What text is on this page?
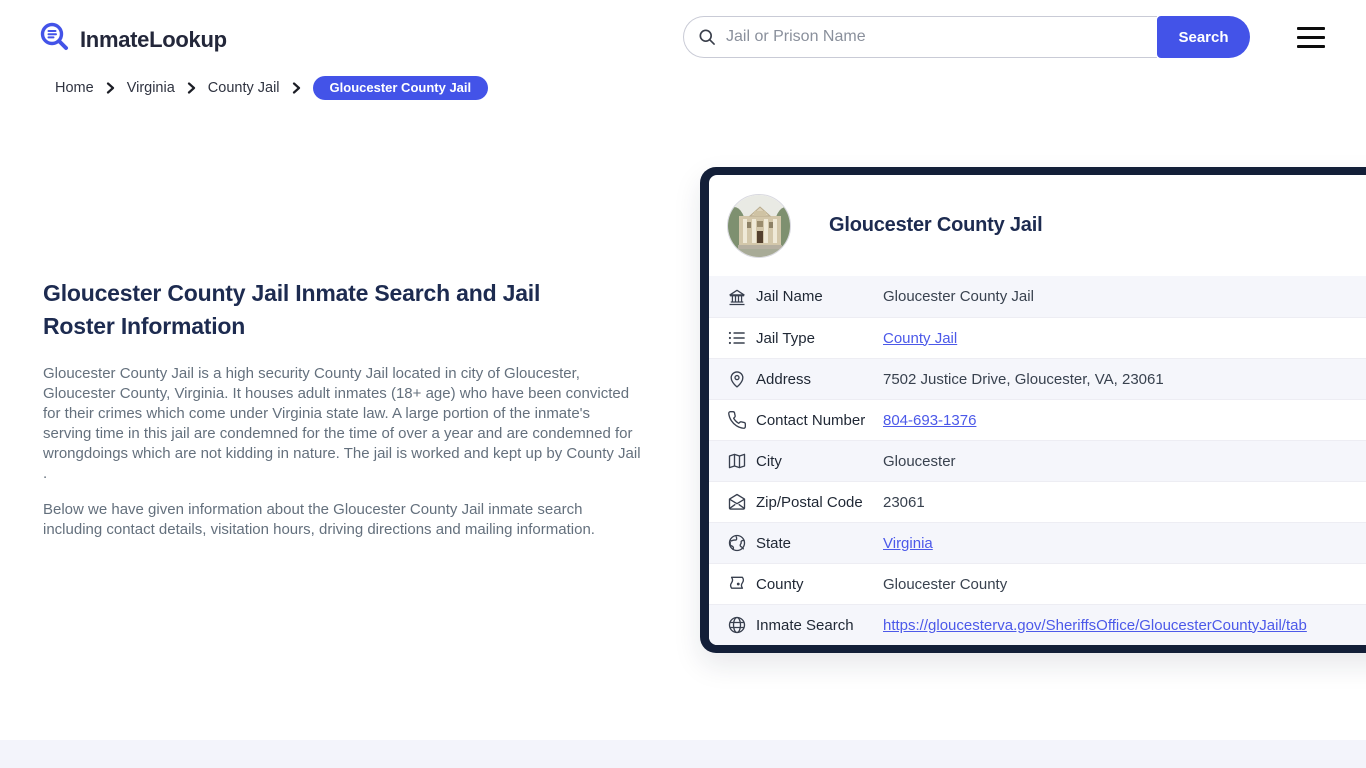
InmateLookup
Jail or Prison Name	Search
Home Virginia County Jail	Gloucester County Jail
Gloucester County Jail Inmate Search and Jail Roster Information

Gloucester County Jail is a high security County Jail located in city of Gloucester, Gloucester County, Virginia. It houses adult inmates (18+ age) who have been convicted for their crimes which come under Virginia state law. A large portion of the inmate's serving time in this jail are condemned for the time of over a year and are condemned for wrongdoings which are not kidding in nature. The jail is worked and kept up by County Jail .

Below we have given information about the Gloucester County Jail inmate search including contact details, visitation hours, driving directions and mailing information.

Gloucester County Jail
Jail Name	Gloucester County Jail
Jail Type	County Jail
Address	7502 Justice Drive, Gloucester, VA, 23061
Contact Number	804-693-1376
City	Gloucester
Zip/Postal Code	23061
State	Virginia
County	Gloucester County
Inmate Search	https://gloucesterva.gov/SheriffsOffice/GloucesterCountyJail/tab
